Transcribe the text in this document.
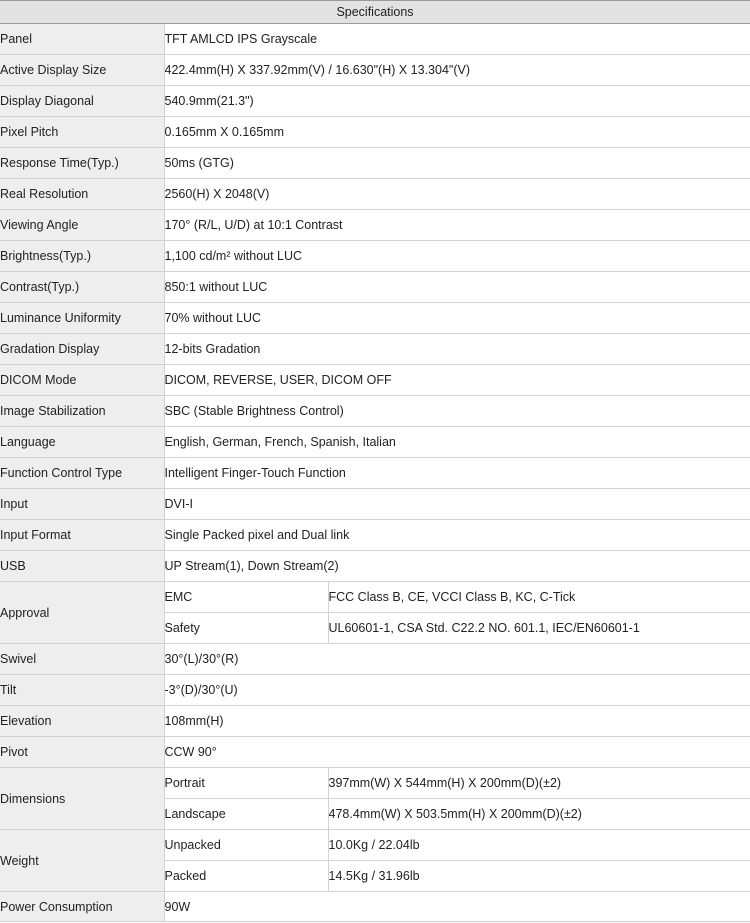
Specifications		
Panel	TFT AMLCD IPS Grayscale	
Active Display Size	422.4mm(H) X 337.92mm(V) / 16.630"(H) X 13.304"(V)	
Display Diagonal	540.9mm(21.3")	
Pixel Pitch	0.165mm X 0.165mm	
Response Time(Typ.)	50ms (GTG)	
Real Resolution	2560(H) X 2048(V)	
Viewing Angle	170° (R/L, U/D) at 10:1 Contrast	
Brightness(Typ.)	1,100 cd/m² without LUC	
Contrast(Typ.)	850:1 without LUC	
Luminance Uniformity	70% without LUC	
Gradation Display	12-bits Gradation	
DICOM Mode	DICOM, REVERSE, USER, DICOM OFF	
Image Stabilization	SBC (Stable Brightness Control)	
Language	English, German, French, Spanish, Italian	
Function Control Type	Intelligent Finger-Touch Function	
Input	DVI-I	
Input Format	Single Packed pixel and Dual link	
USB	UP Stream(1), Down Stream(2)	
Approval	EMC	FCC Class B, CE, VCCI Class B, KC, C-Tick
	Safety	UL60601-1, CSA Std. C22.2 NO. 601.1, IEC/EN60601-1
Swivel	30°(L)/30°(R)	
Tilt	-3°(D)/30°(U)	
Elevation	108mm(H)	
Pivot	CCW 90°	
Dimensions	Portrait	397mm(W) X 544mm(H) X 200mm(D)(±2)
	Landscape	478.4mm(W) X 503.5mm(H) X 200mm(D)(±2)
Weight	Unpacked	10.0Kg / 22.04lb
	Packed	14.5Kg / 31.96lb
Power Consumption	90W	
